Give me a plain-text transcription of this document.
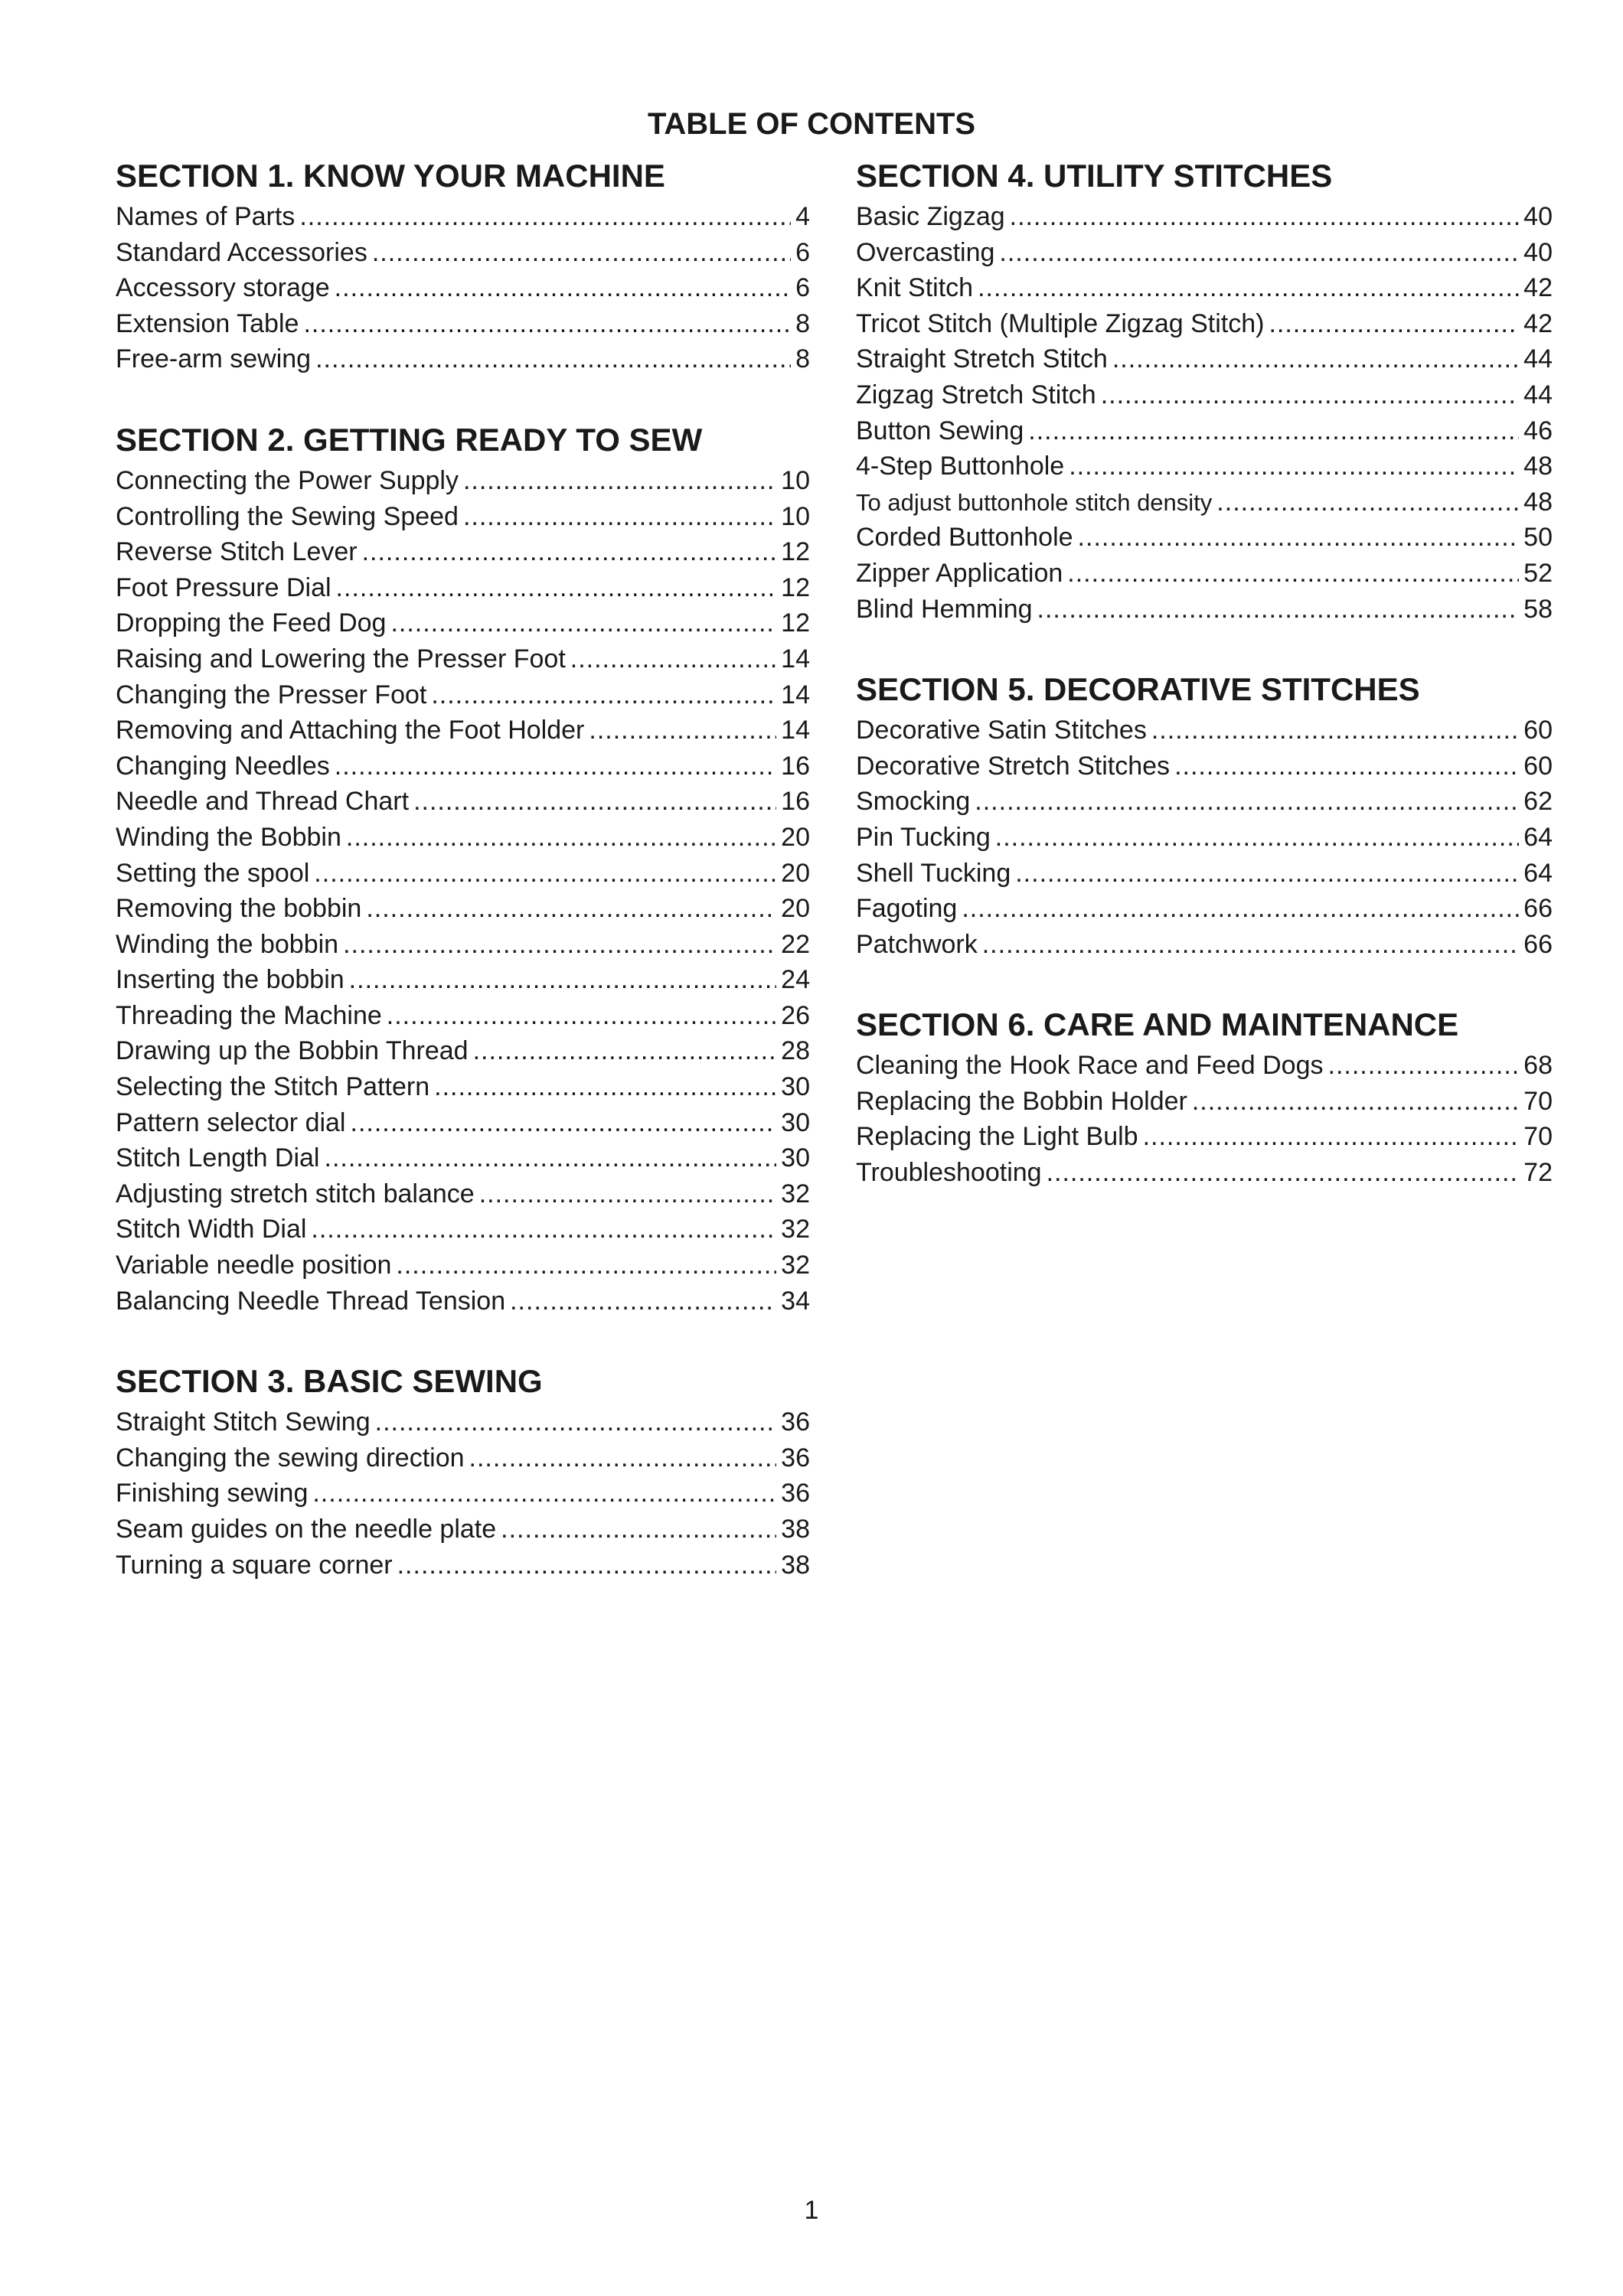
TABLE OF CONTENTS
SECTION 1. KNOW YOUR MACHINE
Names of Parts .....	4
Standard Accessories .....	6
Accessory storage .....	6
Extension Table .....	8
Free-arm sewing .....	8
SECTION 2. GETTING READY TO SEW
Connecting the Power Supply .....	10
Controlling the Sewing Speed .....	10
Reverse Stitch Lever .....	12
Foot Pressure Dial .....	12
Dropping the Feed Dog .....	12
Raising and Lowering the Presser Foot .....	14
Changing the Presser Foot .....	14
Removing and Attaching the Foot Holder .....	14
Changing Needles .....	16
Needle and Thread Chart .....	16
Winding the Bobbin .....	20
Setting the spool .....	20
Removing the bobbin .....	20
Winding the bobbin .....	22
Inserting the bobbin .....	24
Threading the Machine .....	26
Drawing up the Bobbin Thread .....	28
Selecting the Stitch Pattern .....	30
Pattern selector dial .....	30
Stitch Length Dial .....	30
Adjusting stretch stitch balance .....	32
Stitch Width Dial .....	32
Variable needle position .....	32
Balancing Needle Thread Tension .....	34
SECTION 3. BASIC SEWING
Straight Stitch Sewing .....	36
Changing the sewing direction .....	36
Finishing sewing .....	36
Seam guides on the needle plate .....	38
Turning a square corner .....	38
SECTION 4. UTILITY STITCHES
Basic Zigzag .....	40
Overcasting .....	40
Knit Stitch .....	42
Tricot Stitch (Multiple Zigzag Stitch) .....	42
Straight Stretch Stitch .....	44
Zigzag Stretch Stitch .....	44
Button Sewing .....	46
4-Step Buttonhole .....	48
To adjust buttonhole stitch density .....	48
Corded Buttonhole .....	50
Zipper Application .....	52
Blind Hemming .....	58
SECTION 5. DECORATIVE STITCHES
Decorative Satin Stitches .....	60
Decorative Stretch Stitches .....	60
Smocking .....	62
Pin Tucking .....	64
Shell Tucking .....	64
Fagoting .....	66
Patchwork .....	66
SECTION 6. CARE AND MAINTENANCE
Cleaning the Hook Race and Feed Dogs .....	68
Replacing the Bobbin Holder .....	70
Replacing the Light Bulb .....	70
Troubleshooting .....	72
1
